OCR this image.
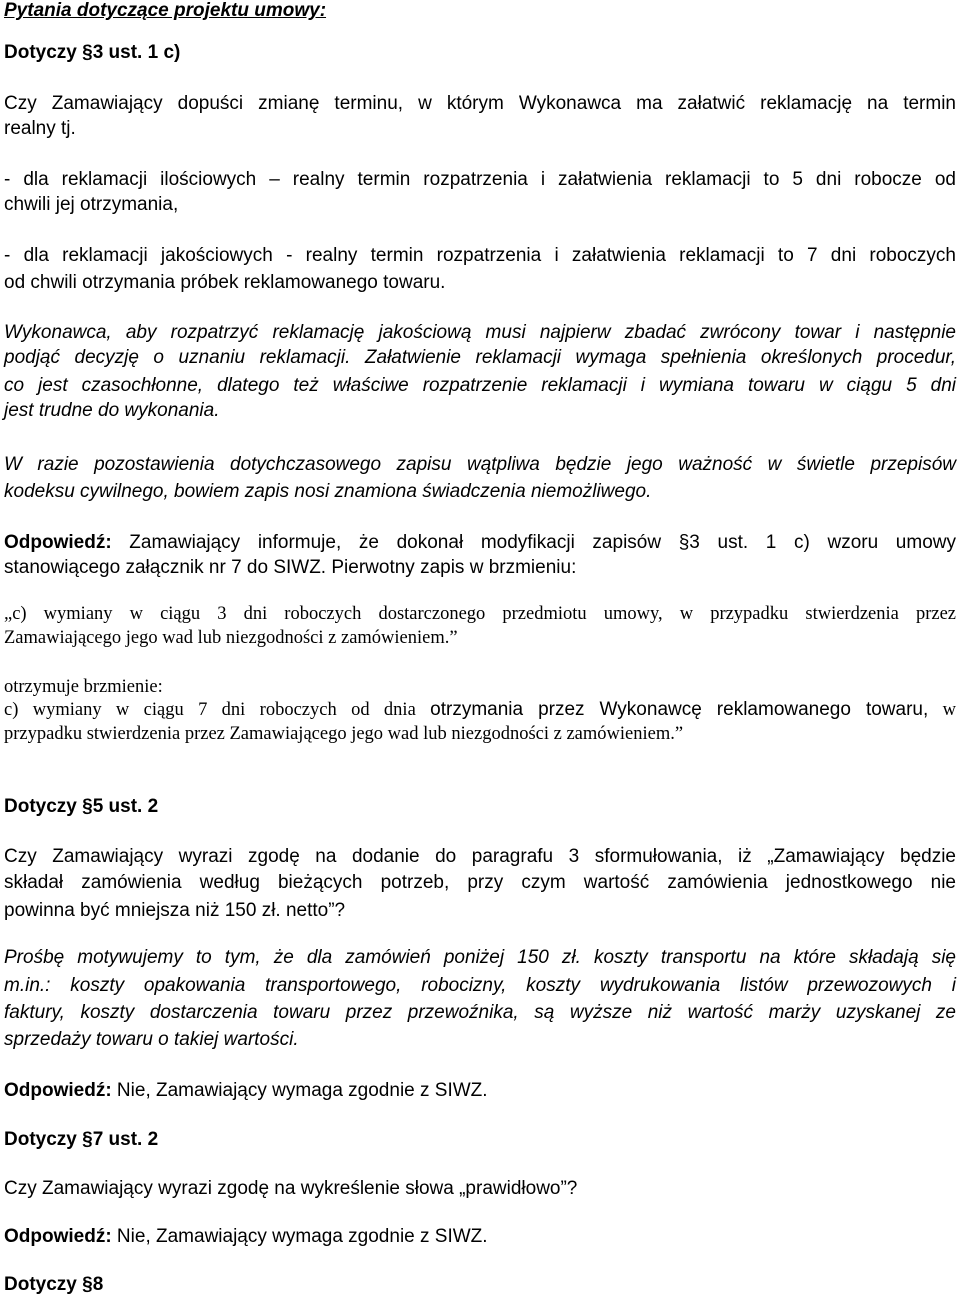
Pytania dotyczące projektu umowy:
Dotyczy §3 ust. 1 c)
Czy Zamawiający dopuści zmianę terminu, w którym Wykonawca ma załatwić reklamację na termin
realny tj.
- dla reklamacji ilościowych – realny termin rozpatrzenia i załatwienia reklamacji to 5 dni robocze od
chwili jej otrzymania,
- dla reklamacji jakościowych - realny termin rozpatrzenia i załatwienia reklamacji to 7 dni roboczych
od chwili otrzymania próbek reklamowanego towaru.
Wykonawca, aby rozpatrzyć reklamację jakościową musi najpierw zbadać zwrócony towar i następnie
podjąć decyzję o uznaniu reklamacji. Załatwienie reklamacji wymaga spełnienia określonych procedur,
co jest czasochłonne, dlatego też właściwe rozpatrzenie reklamacji i wymiana towaru w ciągu 5 dni
jest trudne do wykonania.
W razie pozostawienia dotychczasowego zapisu wątpliwa będzie jego ważność w świetle przepisów
kodeksu cywilnego, bowiem zapis nosi znamiona świadczenia niemożliwego.
Odpowiedź: Zamawiający informuje, że dokonał modyfikacji zapisów §3 ust. 1 c) wzoru umowy
stanowiącego załącznik nr 7 do SIWZ. Pierwotny zapis w brzmieniu:
„c) wymiany w ciągu 3 dni roboczych dostarczonego przedmiotu umowy, w przypadku stwierdzenia przez
Zamawiającego jego wad lub niezgodności z zamówieniem.”
otrzymuje brzmienie:
c) wymiany w ciągu 7 dni roboczych od dnia otrzymania przez Wykonawcę reklamowanego towaru, w
przypadku stwierdzenia przez Zamawiającego jego wad lub niezgodności z zamówieniem.”
Dotyczy §5 ust. 2
Czy Zamawiający wyrazi zgodę na dodanie do paragrafu 3 sformułowania, iż „Zamawiający będzie
składał zamówienia według bieżących potrzeb, przy czym wartość zamówienia jednostkowego nie
powinna być mniejsza niż 150 zł. netto”?
Prośbę motywujemy to tym, że dla zamówień poniżej 150 zł. koszty transportu na które składają się
m.in.: koszty opakowania transportowego, robocizny, koszty wydrukowania listów przewozowych i
faktury, koszty dostarczenia towaru przez przewoźnika, są wyższe niż wartość marży uzyskanej ze
sprzedaży towaru o takiej wartości.
Odpowiedź: Nie, Zamawiający wymaga zgodnie z SIWZ.
Dotyczy §7 ust. 2
Czy Zamawiający wyrazi zgodę na wykreślenie słowa „prawidłowo”?
Odpowiedź: Nie, Zamawiający wymaga zgodnie z SIWZ.
Dotyczy §8
